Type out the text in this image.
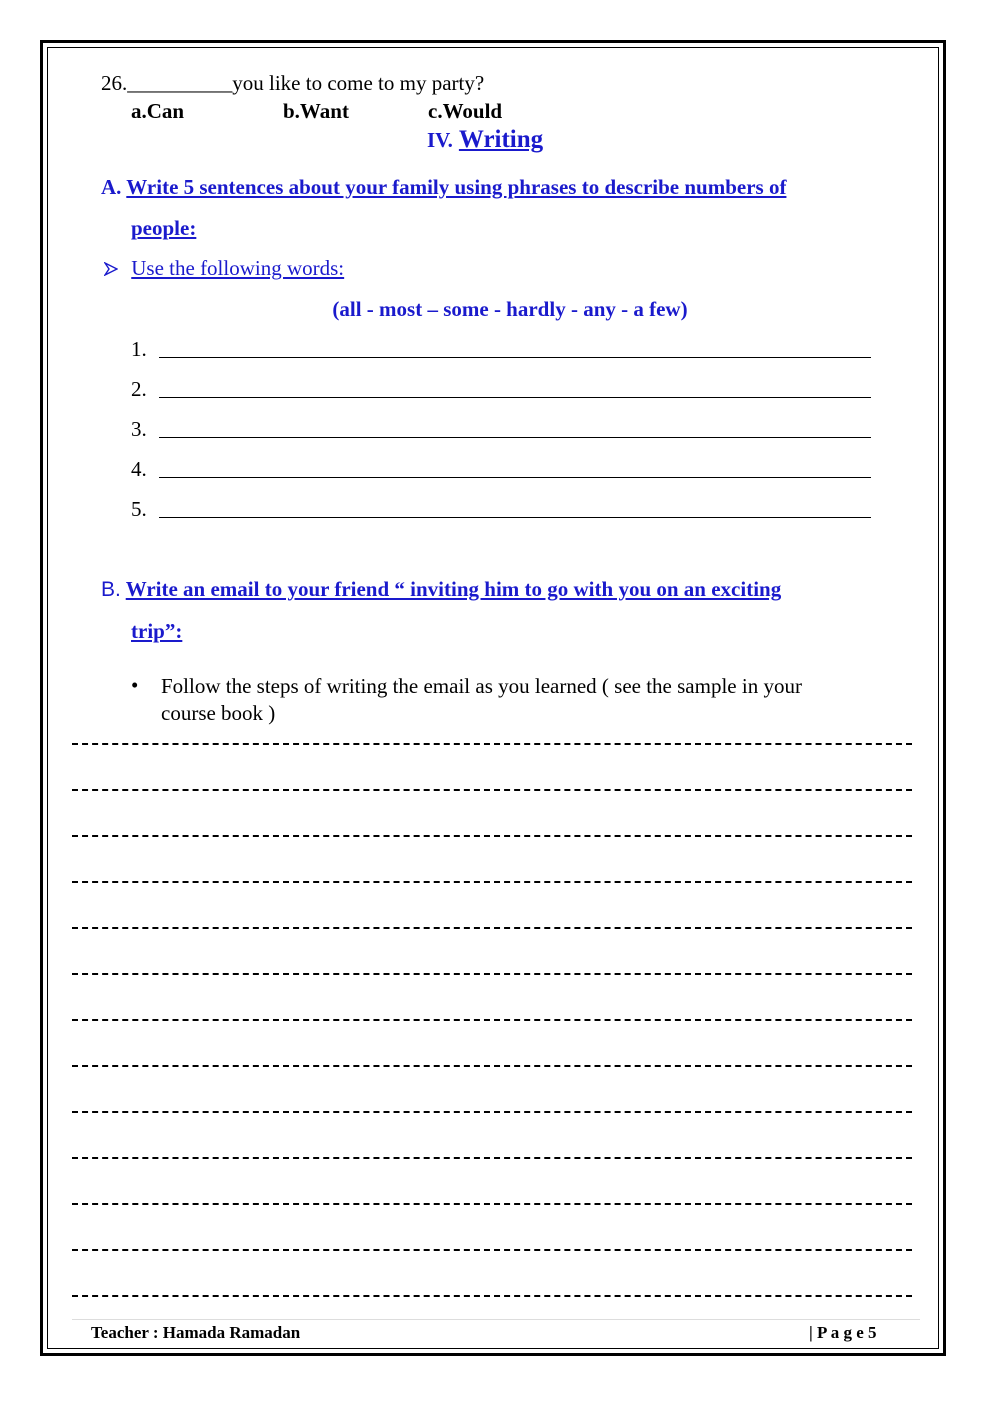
26.__________you like to come to my party?
a.Can	b.Want	c.Would
IV. Writing
A. Write 5 sentences about your family using phrases to describe numbers of
people:
Use the following words:
(all - most – some - hardly - any - a few)
1.
2.
3.
4.
5.
B. Write an email to your friend “ inviting him to go with you on an exciting
trip”:
• Follow the steps of writing the email as you learned ( see the sample in your
course book )
Teacher : Hamada Ramadan	| P a g e 5
